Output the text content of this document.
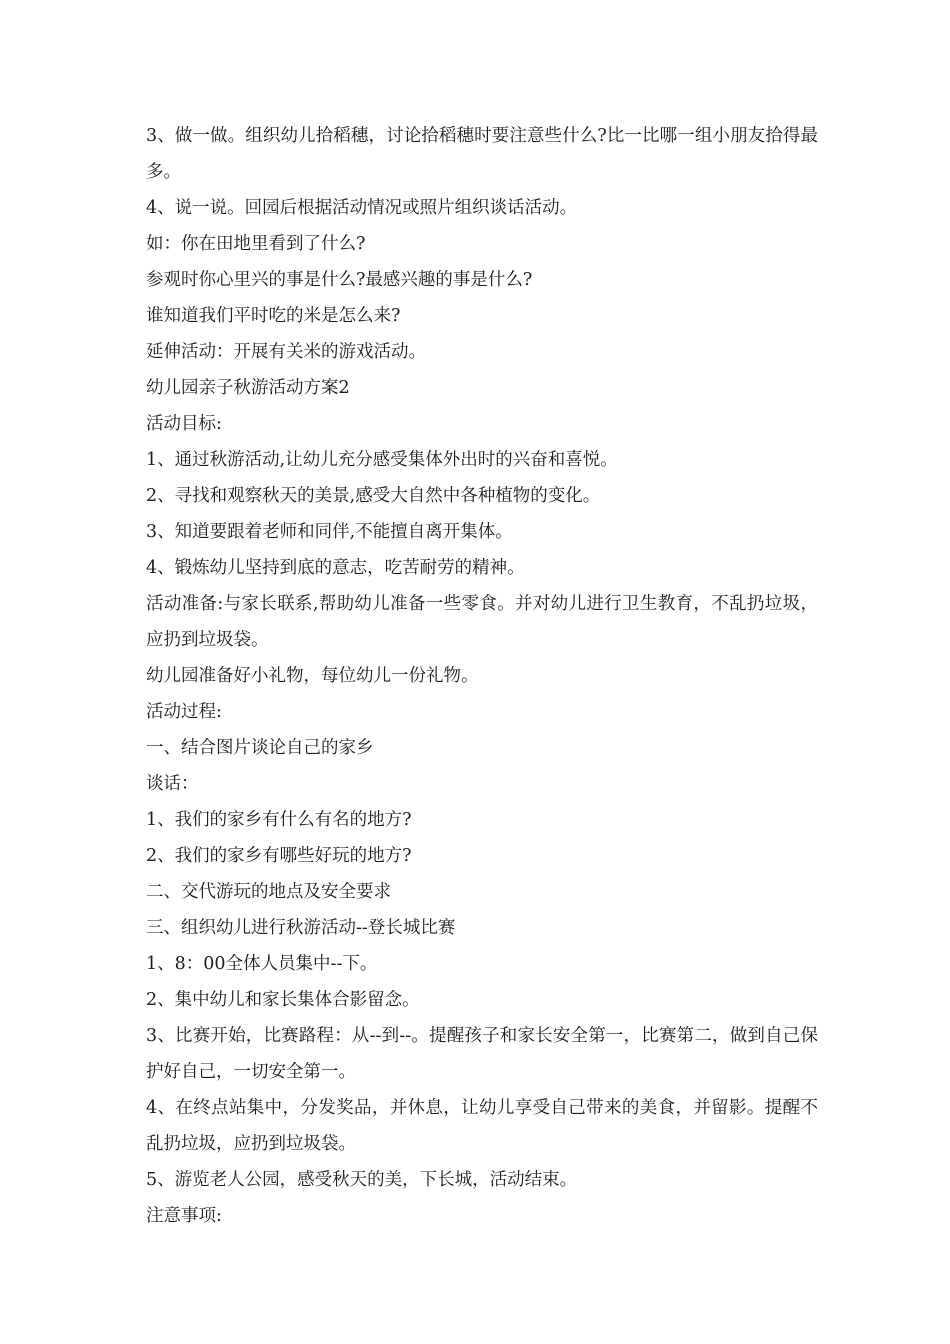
3、做一做。组织幼儿拾稻穗，讨论拾稻穗时要注意些什么?比一比哪一组小朋友拾得最多。

4、说一说。回园后根据活动情况或照片组织谈话活动。

如：你在田地里看到了什么?

参观时你心里兴的事是什么?最感兴趣的事是什么?

谁知道我们平时吃的米是怎么来?

延伸活动：开展有关米的游戏活动。

幼儿园亲子秋游活动方案2

活动目标:

1、通过秋游活动,让幼儿充分感受集体外出时的兴奋和喜悦。

2、寻找和观察秋天的美景,感受大自然中各种植物的变化。

3、知道要跟着老师和同伴,不能擅自离开集体。

4、锻炼幼儿坚持到底的意志，吃苦耐劳的精神。

活动准备:与家长联系,帮助幼儿准备一些零食。并对幼儿进行卫生教育，不乱扔垃圾，应扔到垃圾袋。

幼儿园准备好小礼物，每位幼儿一份礼物。

活动过程:

一、结合图片谈论自己的家乡

谈话：

1、我们的家乡有什么有名的地方?

2、我们的家乡有哪些好玩的地方?

二、交代游玩的地点及安全要求

三、组织幼儿进行秋游活动--登长城比赛

1、8：00全体人员集中--下。

2、集中幼儿和家长集体合影留念。

3、比赛开始，比赛路程：从--到--。提醒孩子和家长安全第一，比赛第二，做到自己保护好自己，一切安全第一。

4、在终点站集中，分发奖品，并休息，让幼儿享受自己带来的美食，并留影。提醒不乱扔垃圾，应扔到垃圾袋。

5、游览老人公园，感受秋天的美，下长城，活动结束。

注意事项:
